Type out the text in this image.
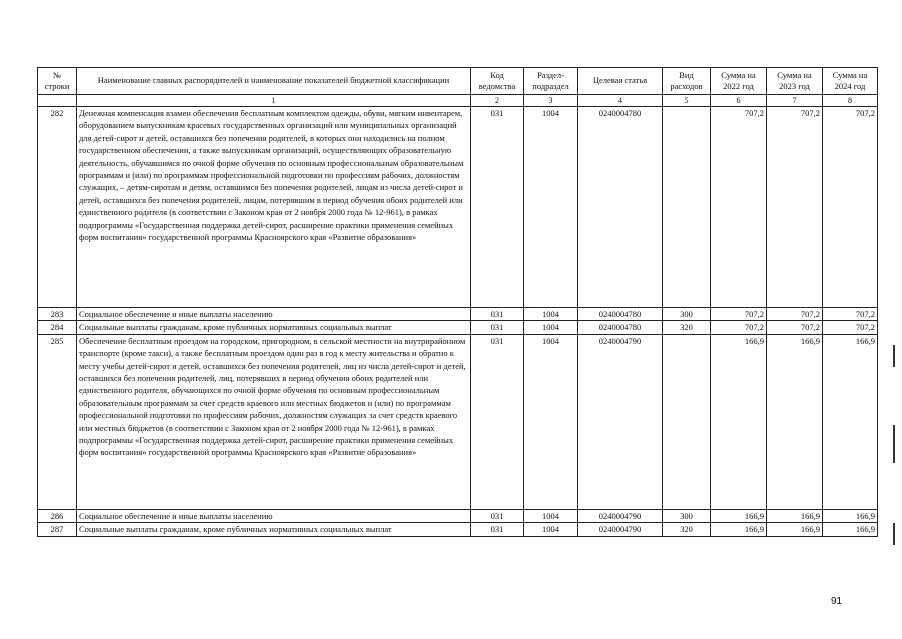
№ строки	Наименование главных распорядителей и наименование показателей бюджетной классификации	Код ведомства	Раздел-подраздел	Целевая статья	Вид расходов	Сумма на 2022 год	Сумма на 2023 год	Сумма на 2024 год
	1	2	3	4	5	6	7	8
282	Денежная компенсация взамен обеспечения бесплатным комплектом одежды, обуви, мягким инвентарем, оборудованием выпускникам красевых государственных организаций или муниципальных организаций для детей-сирот и детей, оставшихся без попечения родителей, в которых они находились на полном государственном обеспечении, а также выпускникам организаций, осуществляющих образовательную деятельность, обучавшимся по очной форме обучения по основным профессиональным образовательным программам и (или) по программам профессиональной подготовки по профессиям рабочих, должностям служащих, – детям-сиротам и детям, оставшимся без попечения родителей, лицам из числа детей-сирот и детей, оставшихся без попечения родителей, лицам, потерявшим в период обучения обоих родителей или единственного родителя (в соответствии с Законом края от 2 ноября 2000 года № 12-961), в рамках подпрограммы «Государственная поддержка детей-сирот, расширение практики применения семейных форм воспитания» государственной программы Красноярского края «Развитие образования»	031	1004	0240004780		707,2	707,2	707,2
283	Социальное обеспечение и иные выплаты населению	031	1004	0240004780	300	707,2	707,2	707,2
284	Социальные выплаты гражданам, кроме публичных нормативных социальных выплат	031	1004	0240004780	320	707,2	707,2	707,2
285	Обеспечение бесплатным проездом на городском, пригородном, в сельской местности на внутрирайонном транспорте (кроме такси), а также бесплатным проездом один раз в год к месту жительства и обратно к месту учебы детей-сирот и детей, оставшихся без попечения родителей, лиц из числа детей-сирот и детей, оставшихся без попечения родителей, лиц, потерявших в период обучения обоих родителей или единственного родителя, обучающихся по очной форме обучения по основным профессиональным образовательным программам за счет средств краевого или местных бюджетов и (или) по программам профессиональной подготовки по профессиям рабочих, должностям служащих за счет средств краевого или местных бюджетов (в соответствии с Законом края от 2 ноября 2000 года № 12-961), в рамках подпрограммы «Государственная поддержка детей-сирот, расширение практики применения семейных форм воспитания» государственной программы Красноярского края «Развитие образования»	031	1004	0240004790		166,9	166,9	166,9
286	Социальное обеспечение и иные выплаты населению	031	1004	0240004790	300	166,9	166,9	166,9
287	Социальные выплаты гражданам, кроме публичных нормативных социальных выплат	031	1004	0240004790	320	166,9	166,9	166,9
91
